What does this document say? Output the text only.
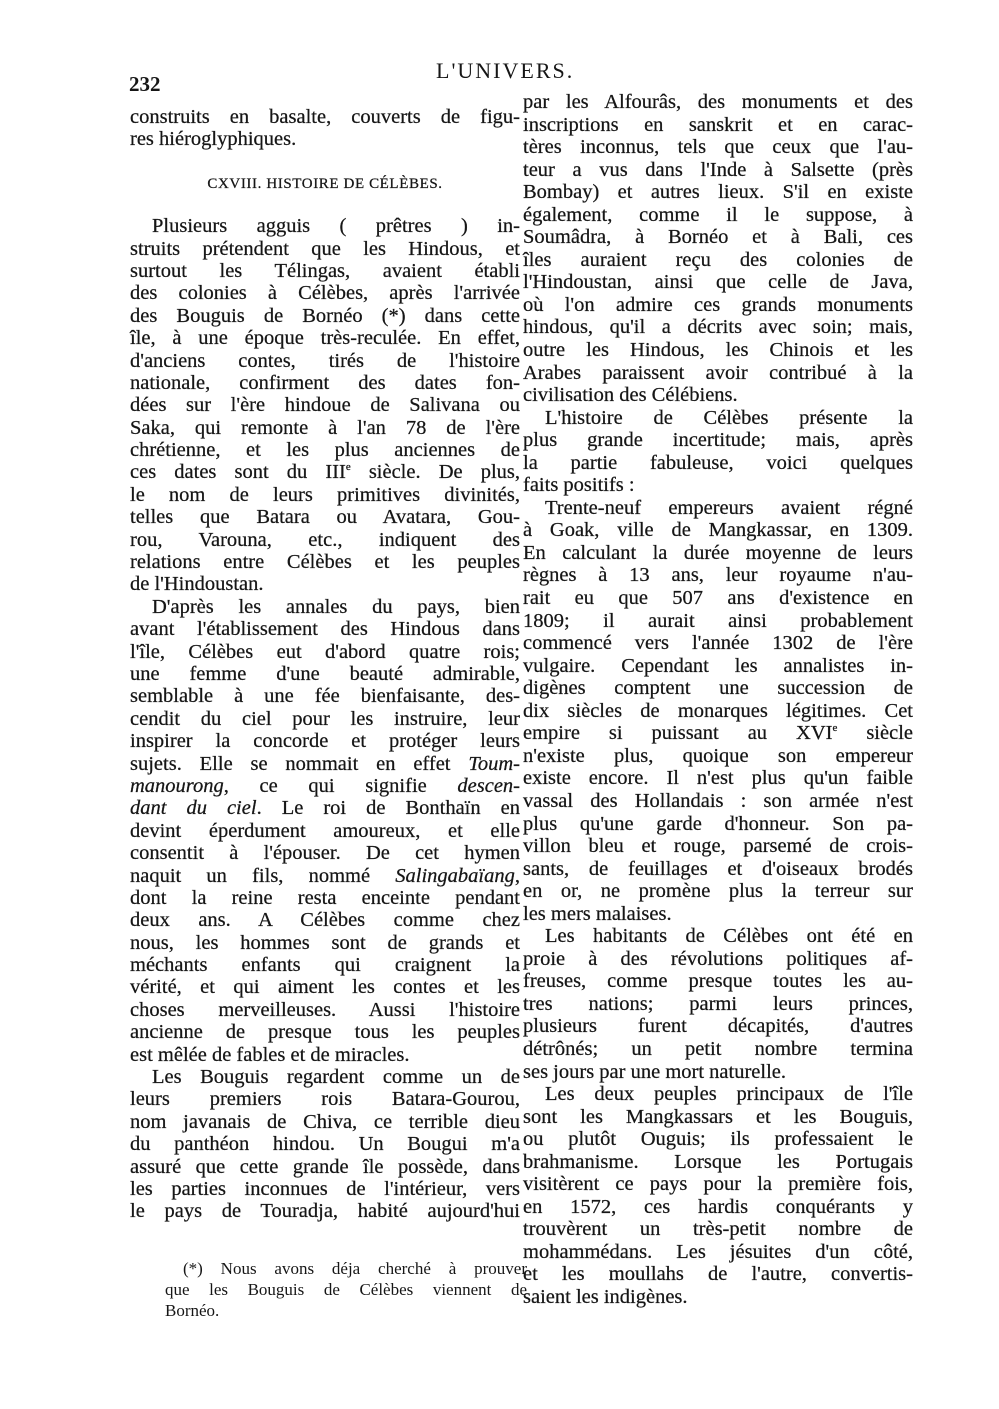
232
L'UNIVERS.
construits en basalte, couverts de figu-
res hiéroglyphiques.
CXVIII. HISTOIRE DE CÉLÈBES.
Plusieurs agguis ( prêtres ) in-
struits prétendent que les Hindous, et
surtout les Télingas, avaient établi
des colonies à Célèbes, après l'arrivée
des Bouguis de Bornéo (*) dans cette
île, à une époque très-reculée. En effet,
d'anciens contes, tirés de l'histoire
nationale, confirment des dates fon-
dées sur l'ère hindoue de Salivana ou
Saka, qui remonte à l'an 78 de l'ère
chrétienne, et les plus anciennes de
ces dates sont du IIIe siècle. De plus,
le nom de leurs primitives divinités,
telles que Batara ou Avatara, Gou-
rou, Varouna, etc., indiquent des
relations entre Célèbes et les peuples
de l'Hindoustan.
D'après les annales du pays, bien
avant l'établissement des Hindous dans
l'île, Célèbes eut d'abord quatre rois;
une femme d'une beauté admirable,
semblable à une fée bienfaisante, des-
cendit du ciel pour les instruire, leur
inspirer la concorde et protéger leurs
sujets. Elle se nommait en effet Toum-
manourong, ce qui signifie descen-
dant du ciel. Le roi de Bonthaïn en
devint éperdument amoureux, et elle
consentit à l'épouser. De cet hymen
naquit un fils, nommé Salingabaïang,
dont la reine resta enceinte pendant
deux ans. A Célèbes comme chez
nous, les hommes sont de grands et
méchants enfants qui craignent la
vérité, et qui aiment les contes et les
choses merveilleuses. Aussi l'histoire
ancienne de presque tous les peuples
est mêlée de fables et de miracles.
Les Bouguis regardent comme un de
leurs premiers rois Batara-Gourou,
nom javanais de Chiva, ce terrible dieu
du panthéon hindou. Un Bougui m'a
assuré que cette grande île possède, dans
les parties inconnues de l'intérieur, vers
le pays de Touradja, habité aujourd'hui
par les Alfourâs, des monuments et des
inscriptions en sanskrit et en carac-
tères inconnus, tels que ceux que l'au-
teur a vus dans l'Inde à Salsette (près
Bombay) et autres lieux. S'il en existe
également, comme il le suppose, à
Soumâdra, à Bornéo et à Bali, ces
îles auraient reçu des colonies de
l'Hindoustan, ainsi que celle de Java,
où l'on admire ces grands monuments
hindous, qu'il a décrits avec soin; mais,
outre les Hindous, les Chinois et les
Arabes paraissent avoir contribué à la
civilisation des Célébiens.
L'histoire de Célèbes présente la
plus grande incertitude; mais, après
la partie fabuleuse, voici quelques
faits positifs :
Trente-neuf empereurs avaient régné
à Goak, ville de Mangkassar, en 1309.
En calculant la durée moyenne de leurs
règnes à 13 ans, leur royaume n'au-
rait eu que 507 ans d'existence en
1809; il aurait ainsi probablement
commencé vers l'année 1302 de l'ère
vulgaire. Cependant les annalistes in-
digènes comptent une succession de
dix siècles de monarques légitimes. Cet
empire si puissant au XVIe siècle
n'existe plus, quoique son empereur
existe encore. Il n'est plus qu'un faible
vassal des Hollandais : son armée n'est
plus qu'une garde d'honneur. Son pa-
villon bleu et rouge, parsemé de crois-
sants, de feuillages et d'oiseaux brodés
en or, ne promène plus la terreur sur
les mers malaises.
Les habitants de Célèbes ont été en
proie à des révolutions politiques af-
freuses, comme presque toutes les au-
tres nations; parmi leurs princes,
plusieurs furent décapités, d'autres
détrônés; un petit nombre termina
ses jours par une mort naturelle.
Les deux peuples principaux de l'île
sont les Mangkassars et les Bouguis,
ou plutôt Ouguis; ils professaient le
brahmanisme. Lorsque les Portugais
visitèrent ce pays pour la première fois,
en 1572, ces hardis conquérants y
trouvèrent un très-petit nombre de
mohammédans. Les jésuites d'un côté,
et les moullahs de l'autre, convertis-
saient les indigènes.
(*) Nous avons déja cherché à prouver
que les Bouguis de Célèbes viennent de
Bornéo.
